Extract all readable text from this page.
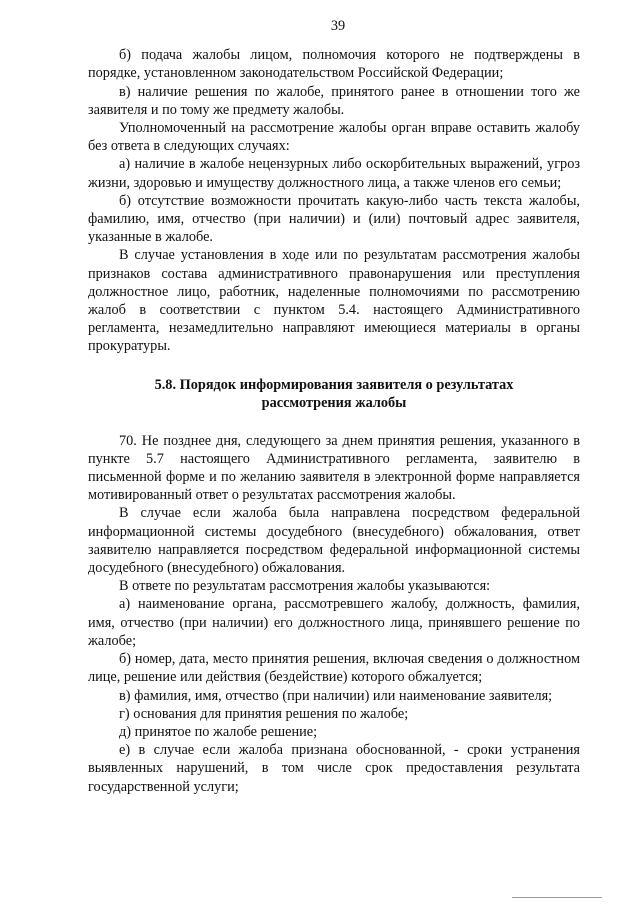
39

б) подача жалобы лицом, полномочия которого не подтверждены в порядке, установленном законодательством Российской Федерации;

в) наличие решения по жалобе, принятого ранее в отношении того же заявителя и по тому же предмету жалобы.

Уполномоченный на рассмотрение жалобы орган вправе оставить жалобу без ответа в следующих случаях:

а) наличие в жалобе нецензурных либо оскорбительных выражений, угроз жизни, здоровью и имуществу должностного лица, а также членов его семьи;

б) отсутствие возможности прочитать какую-либо часть текста жалобы, фамилию, имя, отчество (при наличии) и (или) почтовый адрес заявителя, указанные в жалобе.

В случае установления в ходе или по результатам рассмотрения жалобы признаков состава административного правонарушения или преступления должностное лицо, работник, наделенные полномочиями по рассмотрению жалоб в соответствии с пунктом 5.4. настоящего Административного регламента, незамедлительно направляют имеющиеся материалы в органы прокуратуры.

5.8. Порядок информирования заявителя о результатах
рассмотрения жалобы

70. Не позднее дня, следующего за днем принятия решения, указанного в пункте 5.7 настоящего Административного регламента, заявителю в письменной форме и по желанию заявителя в электронной форме направляется мотивированный ответ о результатах рассмотрения жалобы.

В случае если жалоба была направлена посредством федеральной информационной системы досудебного (внесудебного) обжалования, ответ заявителю направляется посредством федеральной информационной системы досудебного (внесудебного) обжалования.

В ответе по результатам рассмотрения жалобы указываются:

а) наименование органа, рассмотревшего жалобу, должность, фамилия, имя, отчество (при наличии) его должностного лица, принявшего решение по жалобе;

б) номер, дата, место принятия решения, включая сведения о должностном лице, решение или действия (бездействие) которого обжалуется;

в) фамилия, имя, отчество (при наличии) или наименование заявителя;

г) основания для принятия решения по жалобе;

д) принятое по жалобе решение;

е) в случае если жалоба признана обоснованной, - сроки устранения выявленных нарушений, в том числе срок предоставления результата государственной услуги;
